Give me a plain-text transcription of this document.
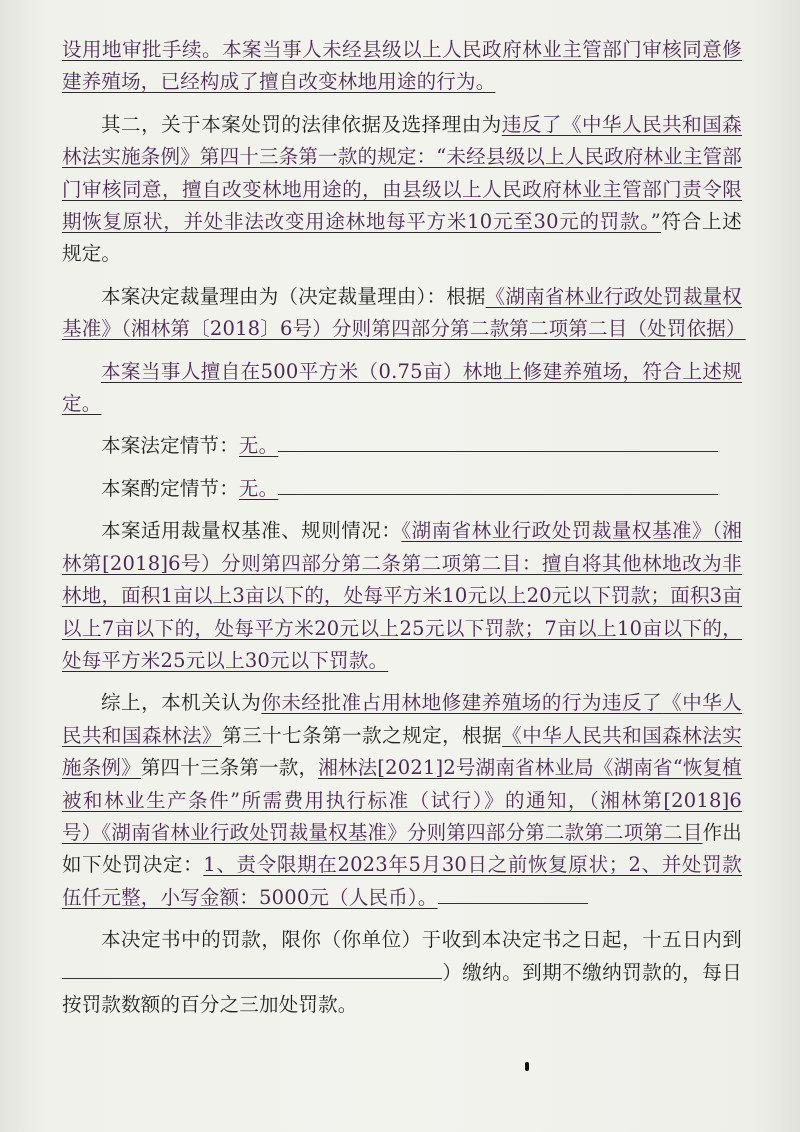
设用地审批手续。本案当事人未经县级以上人民政府林业主管部门审核同意修建养殖场，已经构成了擅自改变林地用途的行为。

其二，关于本案处罚的法律依据及选择理由为违反了《中华人民共和国森林法实施条例》第四十三条第一款的规定：“未经县级以上人民政府林业主管部门审核同意，擅自改变林地用途的，由县级以上人民政府林业主管部门责令限期恢复原状，并处非法改变用途林地每平方米10元至30元的罚款。”符合上述规定。

本案决定裁量理由为（决定裁量理由）：根据《湖南省林业行政处罚裁量权基准》（湘林第〔2018〕6号）分则第四部分第二款第二项第二目（处罚依据）

本案当事人擅自在500平方米（0.75亩）林地上修建养殖场，符合上述规定。

本案法定情节：无。

本案酌定情节：无。

本案适用裁量权基准、规则情况：《湖南省林业行政处罚裁量权基准》（湘林第[2018]6号）分则第四部分第二条第二项第二目：擅自将其他林地改为非林地，面积1亩以上3亩以下的，处每平方米10元以上20元以下罚款；面积3亩以上7亩以下的，处每平方米20元以上25元以下罚款；7亩以上10亩以下的，处每平方米25元以上30元以下罚款。

综上，本机关认为你未经批准占用林地修建养殖场的行为违反了《中华人民共和国森林法》第三十七条第一款之规定，根据《中华人民共和国森林法实施条例》第四十三条第一款，湘林法[2021]2号湖南省林业局《湖南省“恢复植被和林业生产条件”所需费用执行标准（试行）》的通知，（湘林第[2018]6号）《湖南省林业行政处罚裁量权基准》分则第四部分第二款第二项第二目作出如下处罚决定：1、责令限期在2023年5月30日之前恢复原状；2、并处罚款伍仟元整，小写金额：5000元（人民币）。

本决定书中的罚款，限你（你单位）于收到本决定书之日起，十五日内到）缴纳。到期不缴纳罚款的，每日按罚款数额的百分之三加处罚款。
